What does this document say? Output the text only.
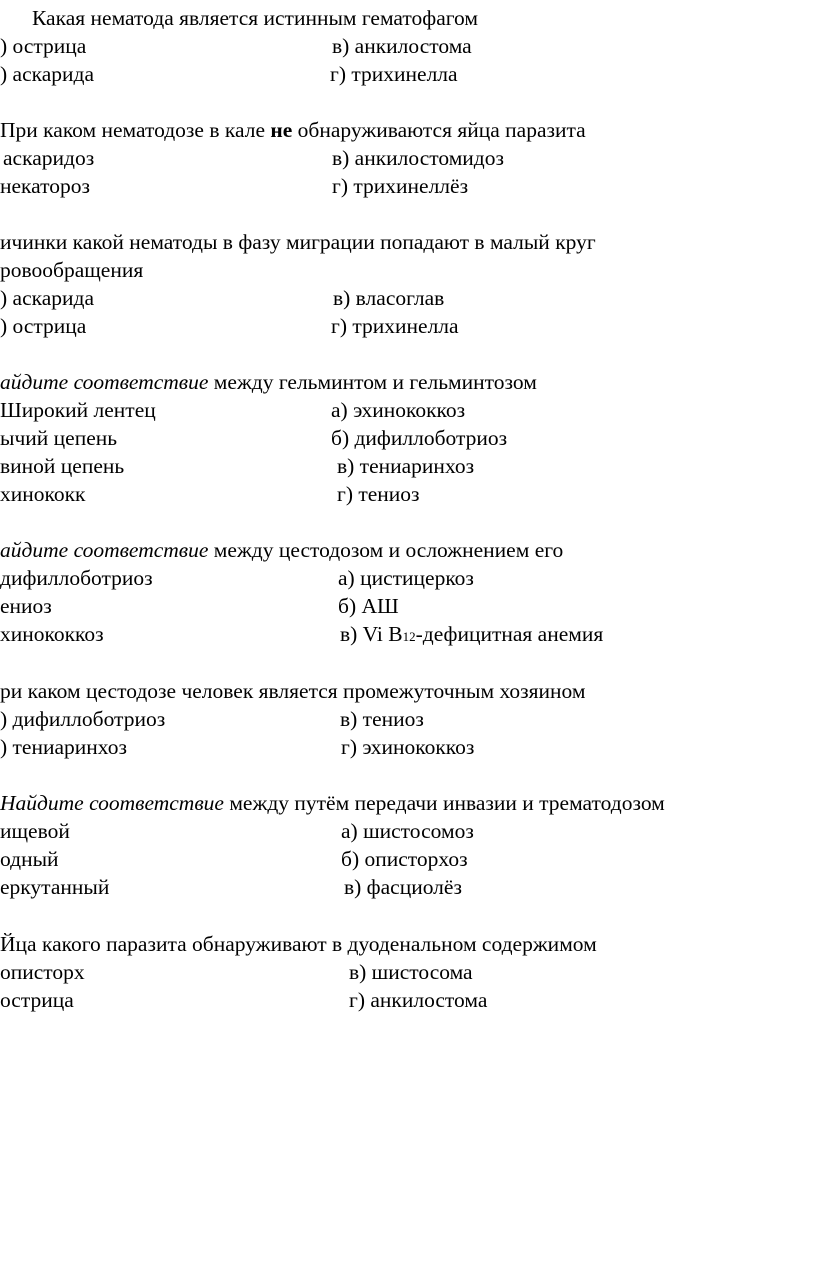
Какая нематода является истинным гематофагом
) острица	в) анкилостома
) аскарида	г) трихинелла
При каком нематодозе в кале не обнаруживаются яйца паразита
аскаридоз	в) анкилостомидоз
некатороз	г) трихинеллёз
ичинки какой нематоды в фазу миграции попадают в малый круг
ровообращения
) аскарида	в) власоглав
) острица	г) трихинелла
айдите соответствие между гельминтом и гельминтозом
Широкий лентец	а) эхинококкоз
ычий цепень	б) дифиллоботриоз
виной цепень	в) тениаринхоз
хинококк	г) тениоз
айдите соответствие между цестодозом и осложнением его
дифиллоботриоз	а) цистицеркоз
ениоз	б) АШ
хинококкоз	в) Vi B12-дефицитная анемия
ри каком цестодозе человек является промежуточным хозяином
) дифиллоботриоз	в) тениоз
) тениаринхоз	г) эхинококкоз
Найдите соответствие между путём передачи инвазии и трематодозом
ищевой	а) шистосомоз
одный	б) описторхоз
еркутанный	в) фасциолёз
Йца какого паразита обнаруживают в дуоденальном содержимом
описторх	в) шистосома
острица	г) анкилостома
